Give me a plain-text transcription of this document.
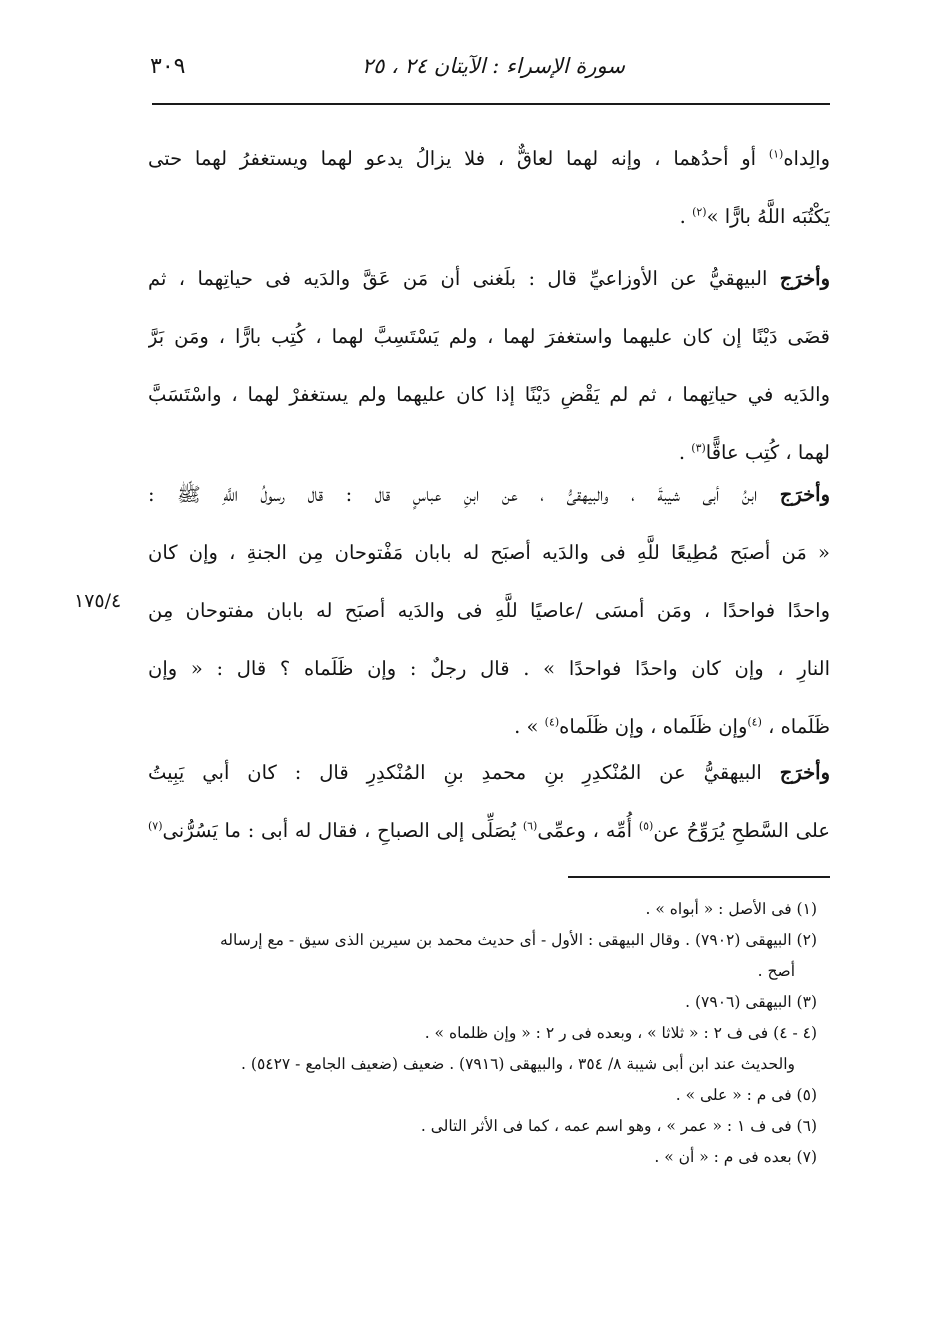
٣٠٩	سورة الإسراء : الآيتان ٢٤ ، ٢٥
والِداه$^{(١)}$ أو أحدُهما ، وإنه لهما لعاقٌّ ، فلا يزالُ يدعو لهما ويستغفرُ لهما حتى
يَكْتُبَه اللَّهُ بارًّا »$^{(٢)}$ .
وأخرَج البيهقيُّ عن الأوزاعيِّ قال : بلَغنى أن مَن عَقَّ والدَيه فى حياتِهما ، ثم
قضَى دَيْنًا إن كان عليهما واستغفرَ لهما ، ولم يَسْتَسِبَّ لهما ، كُتِب بارًّا ، ومَن بَرَّ
والدَيه في حياتِهما ، ثم لم يَقْضِ دَيْنًا إذا كان عليهما ولم يستغفرْ لهما ، واسْتَسَبَّ
لهما ، كُتِب عاقًّا$^{(٣)}$ .
وأخرَج ابنُ أبى شيبةَ ، والبيهقىُّ ، عن ابنِ عباسٍ قال : قال رسولُ اللَّهِ ﷺ :
« مَن أصبَح مُطِيعًا للَّهِ فى والدَيه أصبَح له بابان مَفْتوحان مِن الجنةِ ، وإن كان
واحدًا فواحدًا ، ومَن أمسَى /عاصيًا للَّهِ فى والدَيه أصبَح له بابان مفتوحان مِن
النارِ ، وإن كان واحدًا فواحدًا » . قال رجلٌ : وإن ظَلَماه ؟ قال : « وإن
ظَلَماه ، $^{(٤)}$وإن ظَلَماه ، وإن ظَلَماه$^{(٤)}$ » .
١٧٥/٤
وأخرَج البيهقيُّ عن المُنْكدِرِ بنِ محمدِ بنِ المُنْكدِرِ قال : كان أبي يَبِيتُ
على السَّطحِ يُرَوِّحُ عن$^{(٥)}$ أُمِّه ، وعمِّى$^{(٦)}$ يُصَلِّى إلى الصباحِ ، فقال له أبى : ما يَسُرُّنى$^{(٧)}$
(١) فى الأصل : « أبواه » .
(٢) البيهقى (٧٩٠٢) . وقال البيهقى : الأول - أى حديث محمد بن سيرين الذى سيق - مع إرساله
أصح .
(٣) البيهقى (٧٩٠٦) .
(٤ - ٤) فى ف ٢ : « ثلاثا » ، وبعده فى ر ٢ : « وإن ظلماه » .
والحديث عند ابن أبى شيبة ٨/ ٣٥٤ ، والبيهقى (٧٩١٦) . ضعيف (ضعيف الجامع - ٥٤٢٧) .
(٥) فى م : « على » .
(٦) فى ف ١ : « عمر » ، وهو اسم عمه ، كما فى الأثر التالى .
(٧) بعده فى م : « أن » .
